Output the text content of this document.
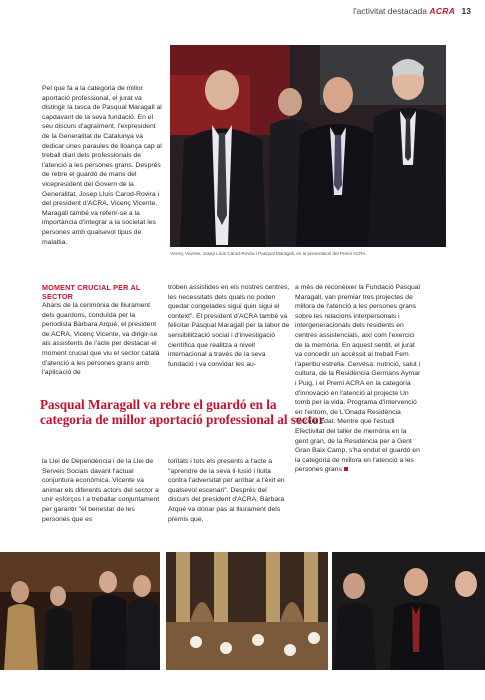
l'activitat destacada ACRA 13

Pel que fa a la categoria de millor aportació professional, el jurat va distingir la tasca de Pasqual Maragall al capdavant de la seva fundació. En el seu discurs d'agraïment, l'expresident de la Generalitat de Catalunya va dedicar unes paraules de lloança cap al treball diari dels professionals de l'atenció a les persones grans. Després de rebre el guardó de mans del vicepresident del Govern de la Generalitat, Josep Lluís Carod-Rovira i del president d'ACRA, Vicenç Vicente, Maragall també va referir-se a la importància d'integrar a la societat les persones amb qualsevol tipus de malaltia.

Vicenç Vicente, Josep Lluís Carod-Rovira i Pasqual Maragall, en la presentació del Premi ACRA

MOMENT CRUCIAL PER AL SECTOR

Abans de la cerimònia de lliurament dels guardons, conduïda per la periodista Bàrbara Arqué, el president de ACRA, Vicenç Vicente, va dirigir-se als assistents de l'acte per destacar el moment crucial que viu el sector català d'atenció a les persones grans amb l'aplicació de

troben assistides en els nostres centres, les necessitats dels quals no poden quedar congelades sigui quin sigui el context". El president d'ACRA també va felicitar Pasqual Maragall per la labor de sensibilització social i d'investigació científica que realitza a nivell internacional a través de la seva fundació i va convidar les au-

Pasqual Maragall va rebre el guardó en la categoria de millor aportació professional al sector

la Llei de Dependència i de la Llei de Serveis Socials davant l'actual conjuntura econòmica. Vicente va animar els diferents actors del sector a unir esforços i a treballar conjuntament per garantir "el benestar de les persones que es

toritats i tots els presents a l'acte a "aprendre de la seva il·lusió i lluita contra l'adversitat per arribar a l'èxit en qualsevol escenari". Després del discurs del president d'ACRA, Bàrbara Arqué va donar pas al lliurament dels premis que,

a més de reconèixer la Fundació Pasqual Maragall, van premiar tres projectes de millora de l'atenció a les persones grans sobre les relacions interpersonals i intergeneracionals dels residents en centres assistencials, així com l'exercici de la memòria. En aquest sentit, el jurat va concedir un accèssit al treball Fem l'aperitiu estrella. Cervesa: nutrició, salut i cultura, de la Residència Germans Aymar i Puig, i el Premi ACRA en la categoria d'innovació en l'atenció al projecte Un tomb per la vida. Programa d'intervenció en l'entorn, de L'Onada Residència Tercera Edat. Mentre que l'estudi Efectivitat del taller de memòria en la gent gran, de la Residència per a Gent Gran Baix Camp, s'ha endut el guardó en la categoria de millora en l'atenció a les persones grans
